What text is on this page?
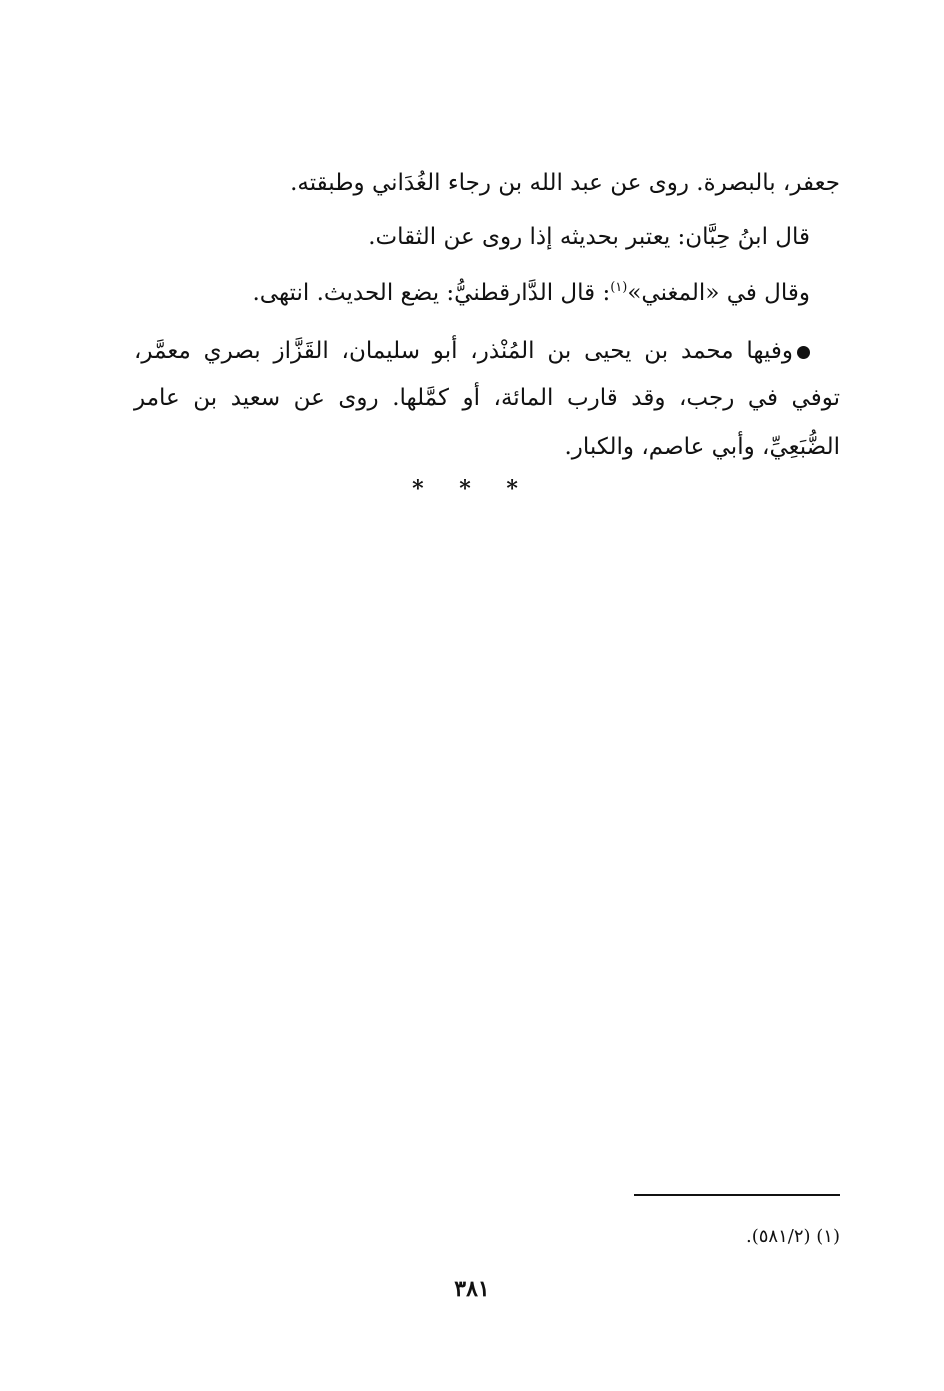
جعفر، بالبصرة. روى عن عبد الله بن رجاء الغُدَاني وطبقته.
قال ابنُ حِبَّان: يعتبر بحديثه إذا روى عن الثقات.
وقال في «المغني»$^{(١)}$: قال الدَّارقطنيُّ: يضع الحديث. انتهى.
وفيها محمد بن يحيى بن المُنْذر، أبو سليمان، القَزَّاز بصري معمَّر،
توفي في رجب، وقد قارب المائة، أو كمَّلها. روى عن سعيد بن عامر
الضُّبَعِيِّ، وأبي عاصم، والكبار.
* * *
(١) (٥٨١/٢).
٣٨١
